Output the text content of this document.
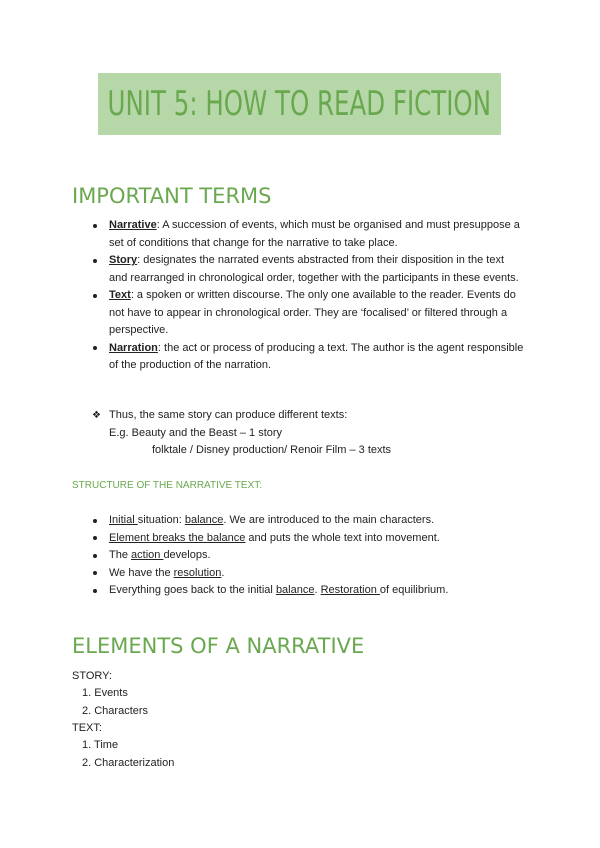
UNIT 5: HOW TO READ FICTION
IMPORTANT TERMS
Narrative: A succession of events, which must be organised and must presuppose a set of conditions that change for the narrative to take place.
Story: designates the narrated events abstracted from their disposition in the text and rearranged in chronological order, together with the participants in these events.
Text: a spoken or written discourse. The only one available to the reader. Events do not have to appear in chronological order. They are ‘focalised’ or filtered through a perspective.
Narration: the act or process of producing a text. The author is the agent responsible of the production of the narration.
❖ Thus, the same story can produce different texts:
E.g. Beauty and the Beast – 1 story
folktale / Disney production/ Renoir Film – 3 texts
STRUCTURE OF THE NARRATIVE TEXT:
Initial situation: balance. We are introduced to the main characters.
Element breaks the balance and puts the whole text into movement.
The action develops.
We have the resolution.
Everything goes back to the initial balance. Restoration of equilibrium.
ELEMENTS OF A NARRATIVE
STORY:
1. Events
2. Characters
TEXT:
1. Time
2. Characterization
